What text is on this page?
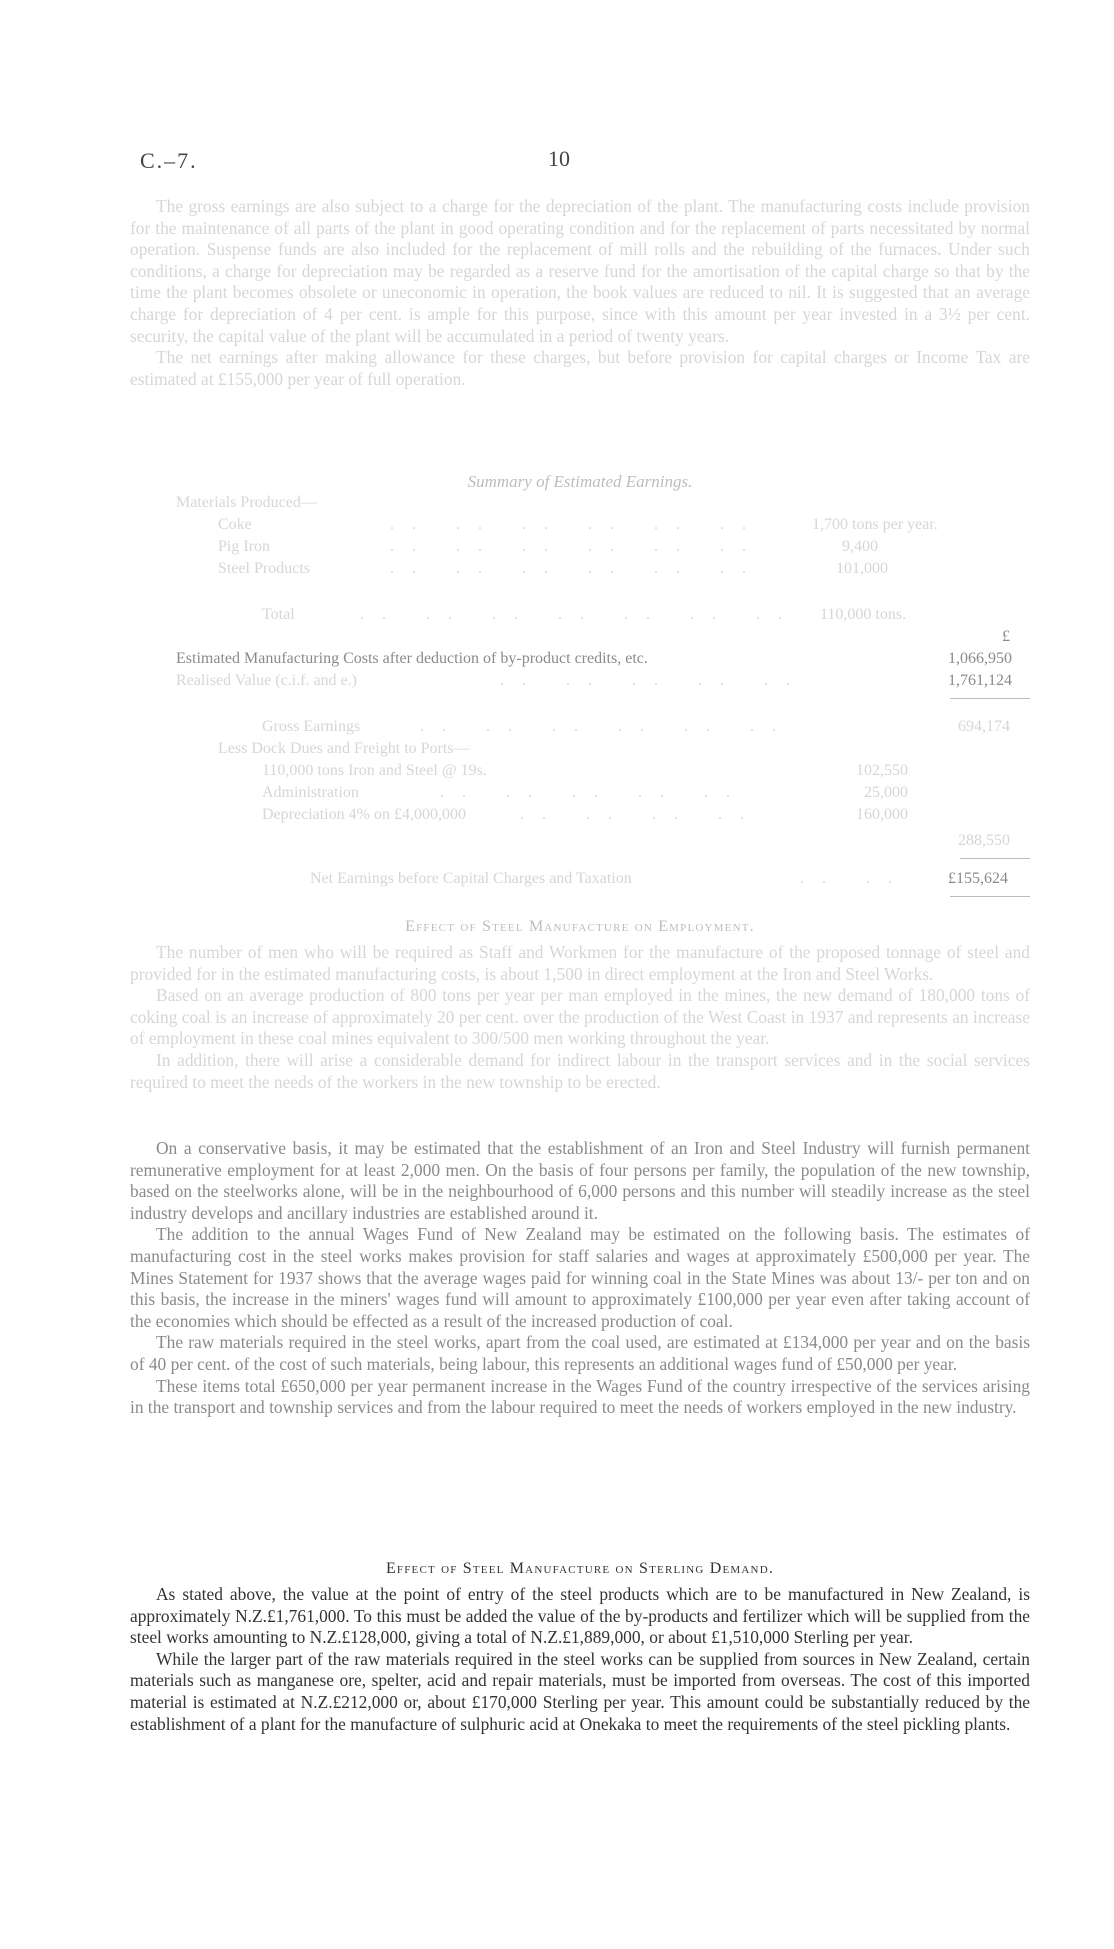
C.–7.	10

The gross earnings are also subject to a charge for the depreciation of the plant. The manufacturing costs include provision for the maintenance of all parts of the plant in good operating condition and for the replacement of parts necessitated by normal operation. Suspense funds are also included for the replacement of mill rolls and the rebuilding of the furnaces. Under such conditions, a charge for depreciation may be regarded as a reserve fund for the amortisation of the capital charge so that by the time the plant becomes obsolete or uneconomic in operation, the book values are reduced to nil. It is suggested that an average charge for depreciation of 4 per cent. is ample for this purpose, since with this amount per year invested in a 3½ per cent. security, the capital value of the plant will be accumulated in a period of twenty years.

The net earnings after making allowance for these charges, but before provision for capital charges or Income Tax are estimated at £155,000 per year of full operation.

Summary of Estimated Earnings.
Materials Produced—
Coke	.. .. .. .. .. ..	1,700 tons per year.
Pig Iron	.. .. .. .. .. ..	9,400
Steel Products	.. .. .. .. .. ..	101,000
Total	.. .. .. .. .. .. .. 110,000 tons.
£
Estimated Manufacturing Costs after deduction of by-product credits, etc.	1,066,950
Realised Value (c.i.f. and e.)	.. .. .. .. ..	1,761,124
Gross Earnings	.. .. .. .. .. ..	694,174
Less Dock Dues and Freight to Ports—
110,000 tons Iron and Steel @ 19s.	102,550
Administration	.. .. .. .. ..	25,000
Depreciation 4% on £4,000,000	.. .. .. ..	160,000
288,550
Net Earnings before Capital Charges and Taxation	.. .. £155,624
Effect of Steel Manufacture on Employment.

The number of men who will be required as Staff and Workmen for the manufacture of the proposed tonnage of steel and provided for in the estimated manufacturing costs, is about 1,500 in direct employment at the Iron and Steel Works.

Based on an average production of 800 tons per year per man employed in the mines, the new demand of 180,000 tons of coking coal is an increase of approximately 20 per cent. over the production of the West Coast in 1937 and represents an increase of employment in these coal mines equivalent to 300/500 men working throughout the year.

In addition, there will arise a considerable demand for indirect labour in the transport services and in the social services required to meet the needs of the workers in the new township to be erected.

On a conservative basis, it may be estimated that the establishment of an Iron and Steel Industry will furnish permanent remunerative employment for at least 2,000 men. On the basis of four persons per family, the population of the new township, based on the steelworks alone, will be in the neighbourhood of 6,000 persons and this number will steadily increase as the steel industry develops and ancillary industries are established around it.

The addition to the annual Wages Fund of New Zealand may be estimated on the following basis. The estimates of manufacturing cost in the steel works makes provision for staff salaries and wages at approximately £500,000 per year. The Mines Statement for 1937 shows that the average wages paid for winning coal in the State Mines was about 13/- per ton and on this basis, the increase in the miners' wages fund will amount to approximately £100,000 per year even after taking account of the economies which should be effected as a result of the increased production of coal.

The raw materials required in the steel works, apart from the coal used, are estimated at £134,000 per year and on the basis of 40 per cent. of the cost of such materials, being labour, this represents an additional wages fund of £50,000 per year.

These items total £650,000 per year permanent increase in the Wages Fund of the country irrespective of the services arising in the transport and township services and from the labour required to meet the needs of workers employed in the new industry.

Effect of Steel Manufacture on Sterling Demand.

As stated above, the value at the point of entry of the steel products which are to be manufactured in New Zealand, is approximately N.Z.£1,761,000. To this must be added the value of the by-products and fertilizer which will be supplied from the steel works amounting to N.Z.£128,000, giving a total of N.Z.£1,889,000, or about £1,510,000 Sterling per year.

While the larger part of the raw materials required in the steel works can be supplied from sources in New Zealand, certain materials such as manganese ore, spelter, acid and repair materials, must be imported from overseas. The cost of this imported material is estimated at N.Z.£212,000 or, about £170,000 Sterling per year. This amount could be substantially reduced by the establishment of a plant for the manufacture of sulphuric acid at Onekaka to meet the requirements of the steel pickling plants.
